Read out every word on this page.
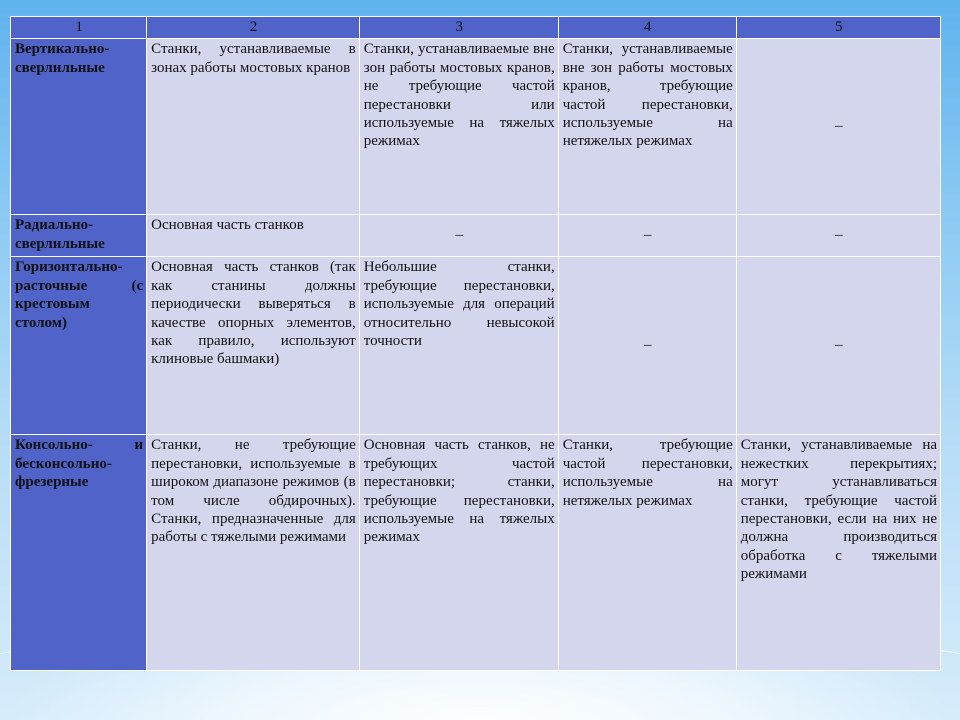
1	2	3	4	5
Вертикально-сверлильные	Станки, устанавливаемые в зонах работы мостовых кранов	Станки, устанавливаемые вне зон работы мостовых кранов, не требующие частой перестановки или используемые на тяжелых режимах	Станки, устанавливаемые вне зон работы мостовых кранов, требующие частой перестановки, используемые на нетяжелых режимах	–
Радиально-сверлильные	Основная часть станков	–	–	–
Горизонтально-расточные (с крестовым столом)	Основная часть станков (так как станины должны периодически выверяться в качестве опорных элементов, как правило, используют клиновые башмаки)	Небольшие станки, требующие перестановки, используемые для операций относительно невысокой точности	–	–
Консольно- и бесконсольно-фрезерные	Станки, не требующие перестановки, используемые в широком диапазоне режимов (в том числе обдирочных). Станки, предназначенные для работы с тяжелыми режимами	Основная часть станков, не требующих частой перестановки; станки, требующие перестановки, используемые на тяжелых режимах	Станки, требующие частой перестановки, используемые на нетяжелых режимах	Станки, устанавливаемые на нежестких перекрытиях; могут устанавливаться станки, требующие частой перестановки, если на них не должна производиться обработка с тяжелыми режимами
